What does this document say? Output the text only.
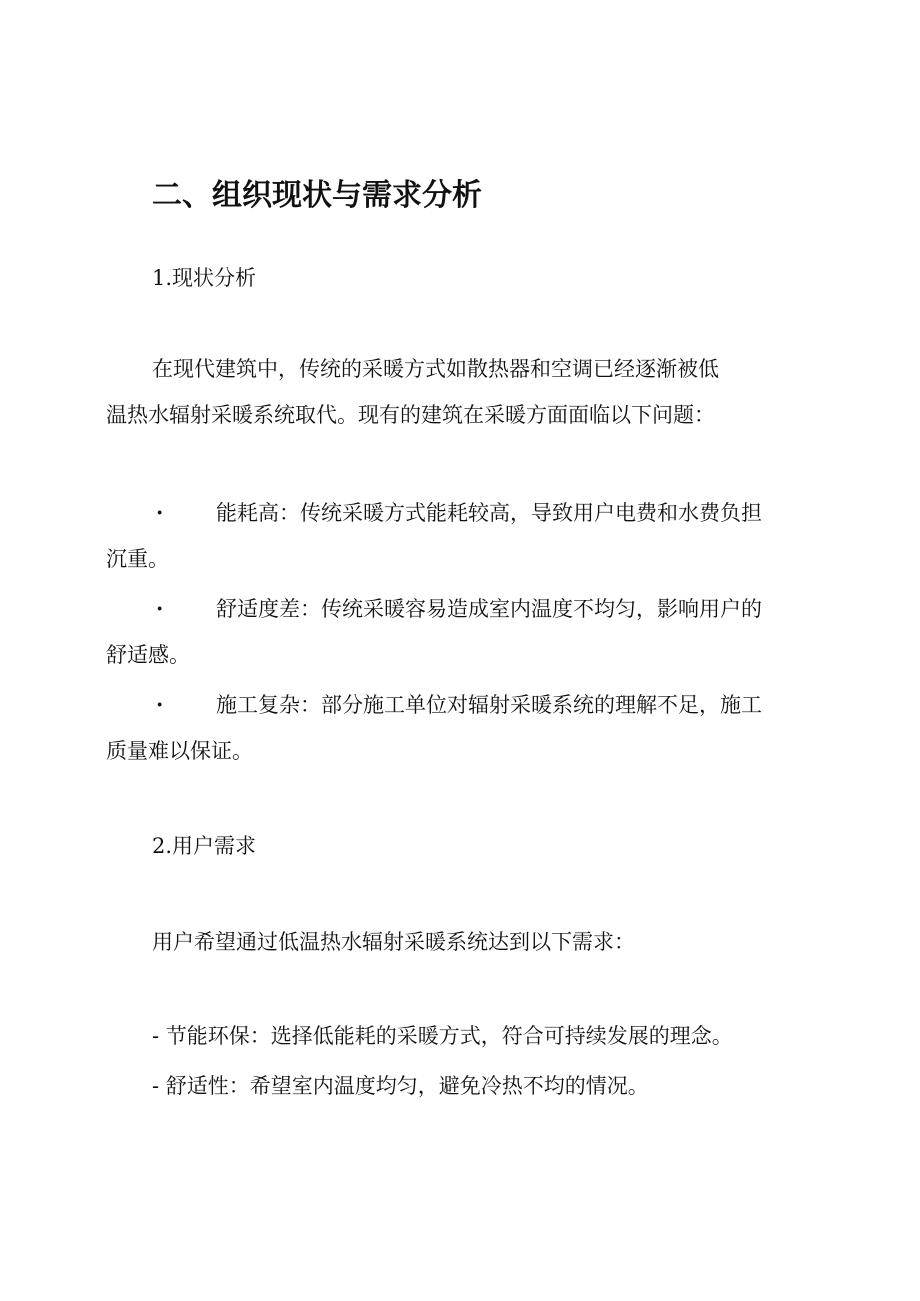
二、组织现状与需求分析
1.现状分析
在现代建筑中，传统的采暖方式如散热器和空调已经逐渐被低
温热水辐射采暖系统取代。现有的建筑在采暖方面面临以下问题：
·	能耗高：传统采暖方式能耗较高，导致用户电费和水费负担
沉重。
·	舒适度差：传统采暖容易造成室内温度不均匀，影响用户的
舒适感。
·	施工复杂：部分施工单位对辐射采暖系统的理解不足，施工
质量难以保证。
2.用户需求
用户希望通过低温热水辐射采暖系统达到以下需求：
- 节能环保：选择低能耗的采暖方式，符合可持续发展的理念。
- 舒适性：希望室内温度均匀，避免冷热不均的情况。
